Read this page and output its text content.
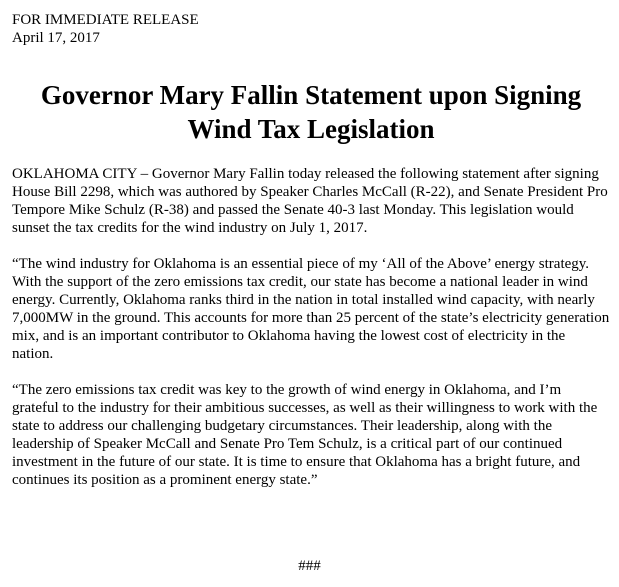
FOR IMMEDIATE RELEASE

April 17, 2017

Governor Mary Fallin Statement upon Signing
Wind Tax Legislation

OKLAHOMA CITY – Governor Mary Fallin today released the following statement after signing House Bill 2298, which was authored by Speaker Charles McCall (R-22), and Senate President Pro Tempore Mike Schulz (R-38) and passed the Senate 40-3 last Monday. This legislation would sunset the tax credits for the wind industry on July 1, 2017.

“The wind industry for Oklahoma is an essential piece of my ‘All of the Above’ energy strategy. With the support of the zero emissions tax credit, our state has become a national leader in wind energy. Currently, Oklahoma ranks third in the nation in total installed wind capacity, with nearly 7,000MW in the ground. This accounts for more than 25 percent of the state’s electricity generation mix, and is an important contributor to Oklahoma having the lowest cost of electricity in the nation.

“The zero emissions tax credit was key to the growth of wind energy in Oklahoma, and I’m grateful to the industry for their ambitious successes, as well as their willingness to work with the state to address our challenging budgetary circumstances. Their leadership, along with the leadership of Speaker McCall and Senate Pro Tem Schulz, is a critical part of our continued investment in the future of our state. It is time to ensure that Oklahoma has a bright future, and continues its position as a prominent energy state.”

###
